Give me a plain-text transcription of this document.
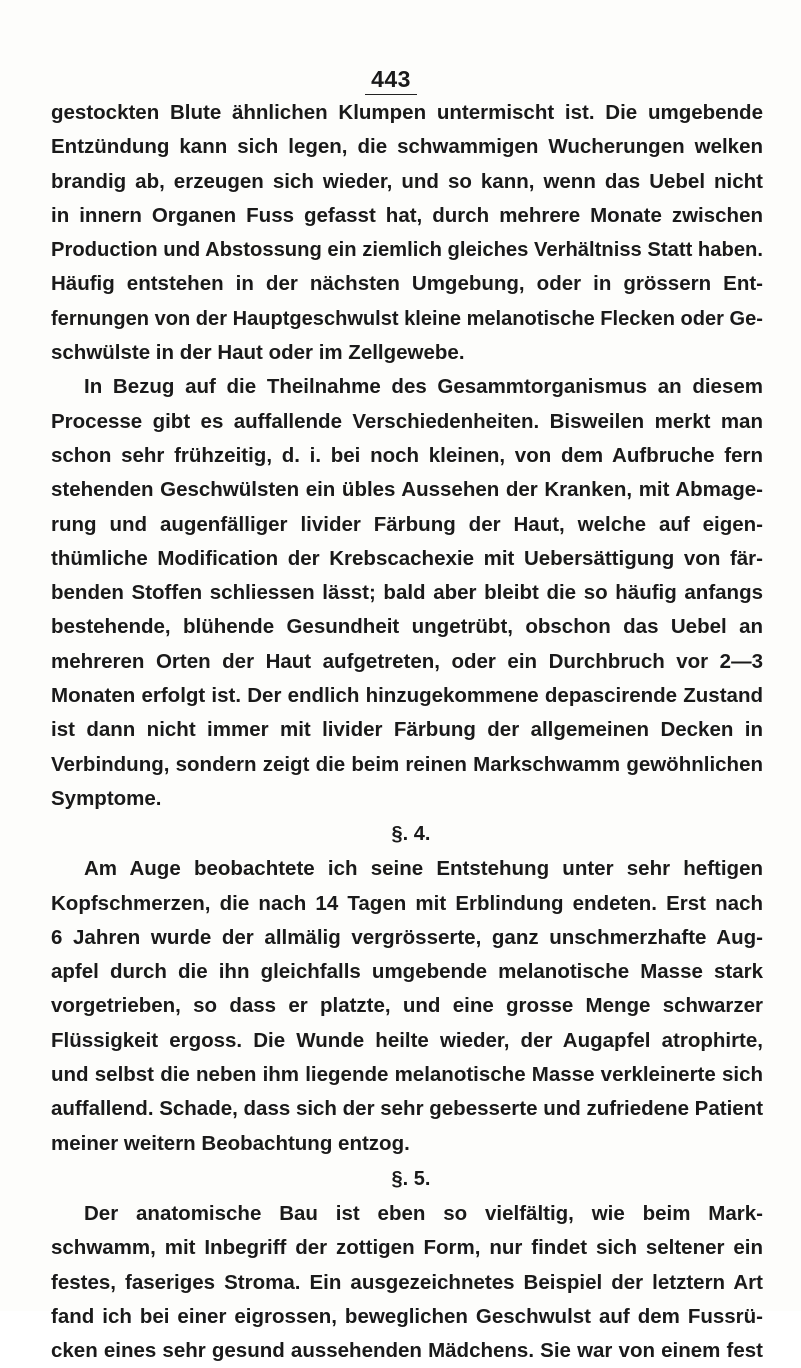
443
gestockten Blute ähnlichen Klumpen untermischt ist. Die umgebende
Entzündung kann sich legen, die schwammigen Wucherungen welken
brandig ab, erzeugen sich wieder, und so kann, wenn das Uebel nicht
in innern Organen Fuss gefasst hat, durch mehrere Monate zwischen
Production und Abstossung ein ziemlich gleiches Verhältniss Statt haben.
Häufig entstehen in der nächsten Umgebung, oder in grössern Ent-
fernungen von der Hauptgeschwulst kleine melanotische Flecken oder Ge-
schwülste in der Haut oder im Zellgewebe.
In Bezug auf die Theilnahme des Gesammtorganismus an diesem
Processe gibt es auffallende Verschiedenheiten. Bisweilen merkt man
schon sehr frühzeitig, d. i. bei noch kleinen, von dem Aufbruche fern
stehenden Geschwülsten ein übles Aussehen der Kranken, mit Abmage-
rung und augenfälliger livider Färbung der Haut, welche auf eigen-
thümliche Modification der Krebscachexie mit Uebersättigung von fär-
benden Stoffen schliessen lässt; bald aber bleibt die so häufig anfangs
bestehende, blühende Gesundheit ungetrübt, obschon das Uebel an
mehreren Orten der Haut aufgetreten, oder ein Durchbruch vor 2—3
Monaten erfolgt ist. Der endlich hinzugekommene depascirende Zustand
ist dann nicht immer mit livider Färbung der allgemeinen Decken in
Verbindung, sondern zeigt die beim reinen Markschwamm gewöhnlichen
Symptome.
§. 4.
Am Auge beobachtete ich seine Entstehung unter sehr heftigen
Kopfschmerzen, die nach 14 Tagen mit Erblindung endeten. Erst nach
6 Jahren wurde der allmälig vergrösserte, ganz unschmerzhafte Aug-
apfel durch die ihn gleichfalls umgebende melanotische Masse stark
vorgetrieben, so dass er platzte, und eine grosse Menge schwarzer
Flüssigkeit ergoss. Die Wunde heilte wieder, der Augapfel atrophirte,
und selbst die neben ihm liegende melanotische Masse verkleinerte sich
auffallend. Schade, dass sich der sehr gebesserte und zufriedene Patient
meiner weitern Beobachtung entzog.
§. 5.
Der anatomische Bau ist eben so vielfältig, wie beim Mark-
schwamm, mit Inbegriff der zottigen Form, nur findet sich seltener ein
festes, faseriges Stroma. Ein ausgezeichnetes Beispiel der letztern Art
fand ich bei einer eigrossen, beweglichen Geschwulst auf dem Fussrü-
cken eines sehr gesund aussehenden Mädchens. Sie war von einem fest
